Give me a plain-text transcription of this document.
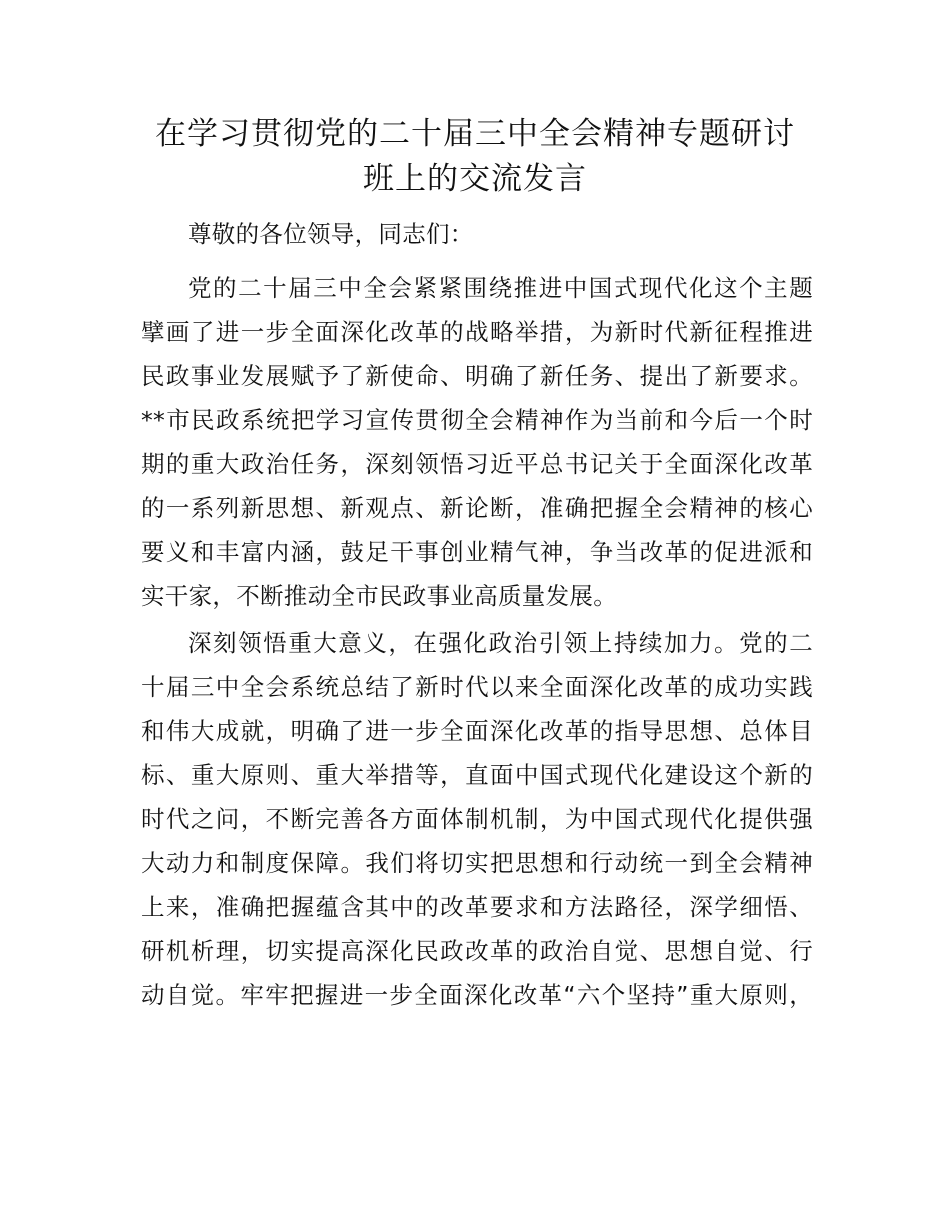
在学习贯彻党的二十届三中全会精神专题研讨
班上的交流发言
尊敬的各位领导，同志们：
党的二十届三中全会紧紧围绕推进中国式现代化这个主题
擘画了进一步全面深化改革的战略举措，为新时代新征程推进
民政事业发展赋予了新使命、明确了新任务、提出了新要求。
**市民政系统把学习宣传贯彻全会精神作为当前和今后一个时
期的重大政治任务，深刻领悟习近平总书记关于全面深化改革
的一系列新思想、新观点、新论断，准确把握全会精神的核心
要义和丰富内涵，鼓足干事创业精气神，争当改革的促进派和
实干家，不断推动全市民政事业高质量发展。
深刻领悟重大意义，在强化政治引领上持续加力。党的二
十届三中全会系统总结了新时代以来全面深化改革的成功实践
和伟大成就，明确了进一步全面深化改革的指导思想、总体目
标、重大原则、重大举措等，直面中国式现代化建设这个新的
时代之问，不断完善各方面体制机制，为中国式现代化提供强
大动力和制度保障。我们将切实把思想和行动统一到全会精神
上来，准确把握蕴含其中的改革要求和方法路径，深学细悟、
研机析理，切实提高深化民政改革的政治自觉、思想自觉、行
动自觉。牢牢把握进一步全面深化改革“六个坚持”重大原则，
